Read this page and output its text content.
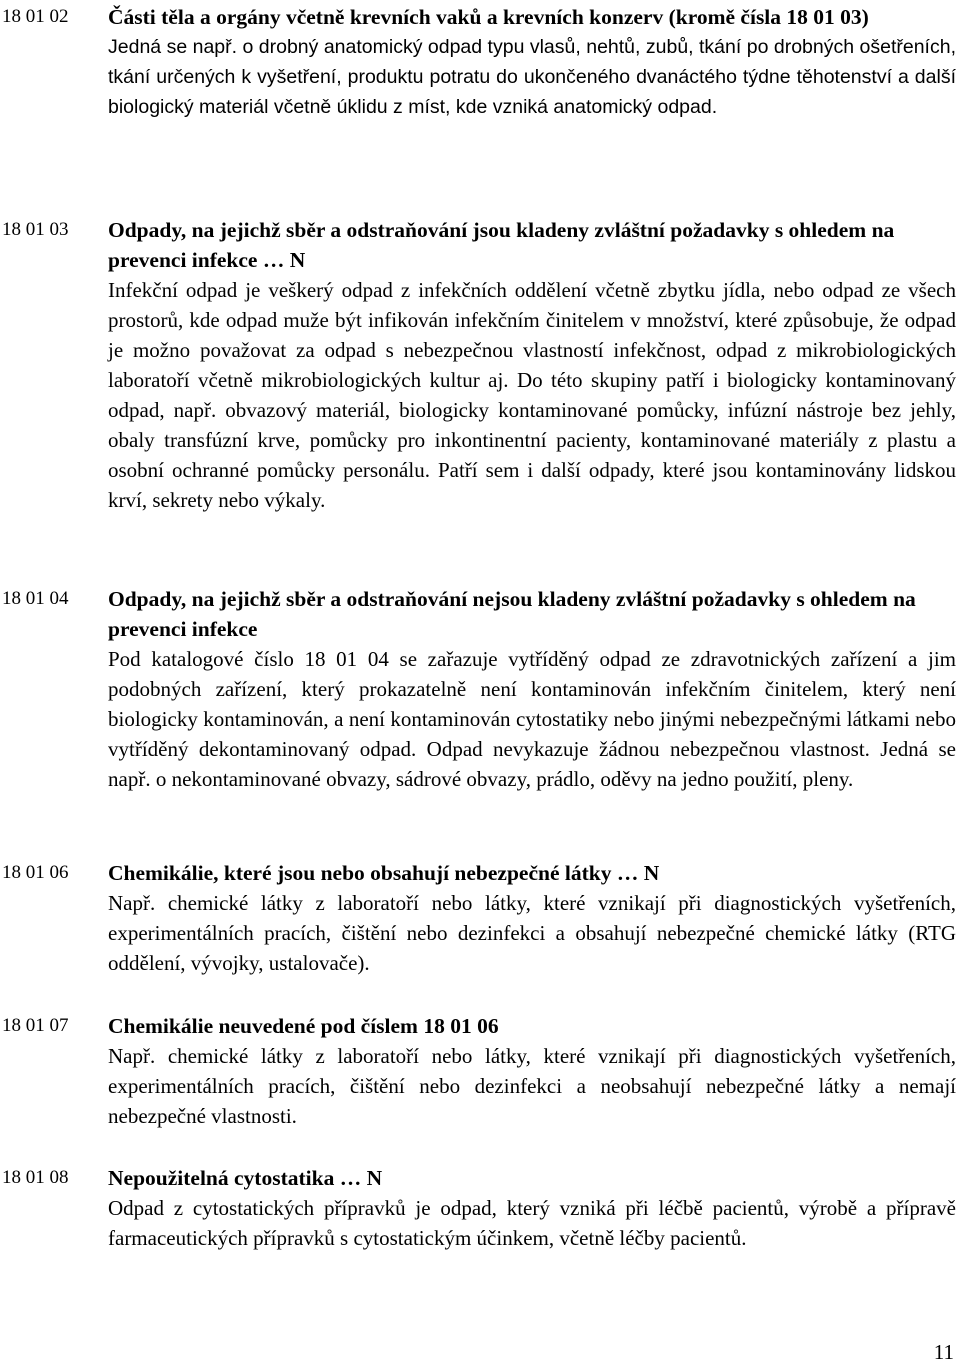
18 01 02	Části těla a orgány včetně krevních vaků a krevních konzerv (kromě čísla 18 01 03)
Jedná se např. o drobný anatomický odpad typu vlasů, nehtů, zubů, tkání po drobných ošetřeních, tkání určených k vyšetření, produktu potratu do ukončeného dvanáctého týdne těhotenství a další biologický materiál včetně úklidu z míst, kde vzniká anatomický odpad.
18 01 03	Odpady, na jejichž sběr a odstraňování jsou kladeny zvláštní požadavky s ohledem na prevenci infekce … N
Infekční odpad je veškerý odpad z infekčních oddělení včetně zbytku jídla, nebo odpad ze všech prostorů, kde odpad muže být infikován infekčním činitelem v množství, které způsobuje, že odpad je možno považovat za odpad s nebezpečnou vlastností infekčnost, odpad z mikrobiologických laboratoří včetně mikrobiologických kultur aj. Do této skupiny patří i biologicky kontaminovaný odpad, např. obvazový materiál, biologicky kontaminované pomůcky, infúzní nástroje bez jehly, obaly transfúzní krve, pomůcky pro inkontinentní pacienty, kontaminované materiály z plastu a osobní ochranné pomůcky personálu. Patří sem i další odpady, které jsou kontaminovány lidskou krví, sekrety nebo výkaly.
18 01 04	Odpady, na jejichž sběr a odstraňování nejsou kladeny zvláštní požadavky s ohledem na prevenci infekce
Pod katalogové číslo 18 01 04 se zařazuje vytříděný odpad ze zdravotnických zařízení a jim podobných zařízení, který prokazatelně není kontaminován infekčním činitelem, který není biologicky kontaminován, a není kontaminován cytostatiky nebo jinými nebezpečnými látkami nebo vytříděný dekontaminovaný odpad. Odpad nevykazuje žádnou nebezpečnou vlastnost. Jedná se např. o nekontaminované obvazy, sádrové obvazy, prádlo, oděvy na jedno použití, pleny.
18 01 06	Chemikálie, které jsou nebo obsahují nebezpečné látky … N
Např. chemické látky z laboratoří nebo látky, které vznikají při diagnostických vyšetřeních, experimentálních pracích, čištění nebo dezinfekci a obsahují nebezpečné chemické látky (RTG oddělení, vývojky, ustalovače).
18 01 07	Chemikálie neuvedené pod číslem 18 01 06
Např. chemické látky z laboratoří nebo látky, které vznikají při diagnostických vyšetřeních, experimentálních pracích, čištění nebo dezinfekci a neobsahují nebezpečné látky a nemají nebezpečné vlastnosti.
18 01 08	Nepoužitelná cytostatika … N
Odpad z cytostatických přípravků je odpad, který vzniká při léčbě pacientů, výrobě a přípravě farmaceutických přípravků s cytostatickým účinkem, včetně léčby pacientů.
11
